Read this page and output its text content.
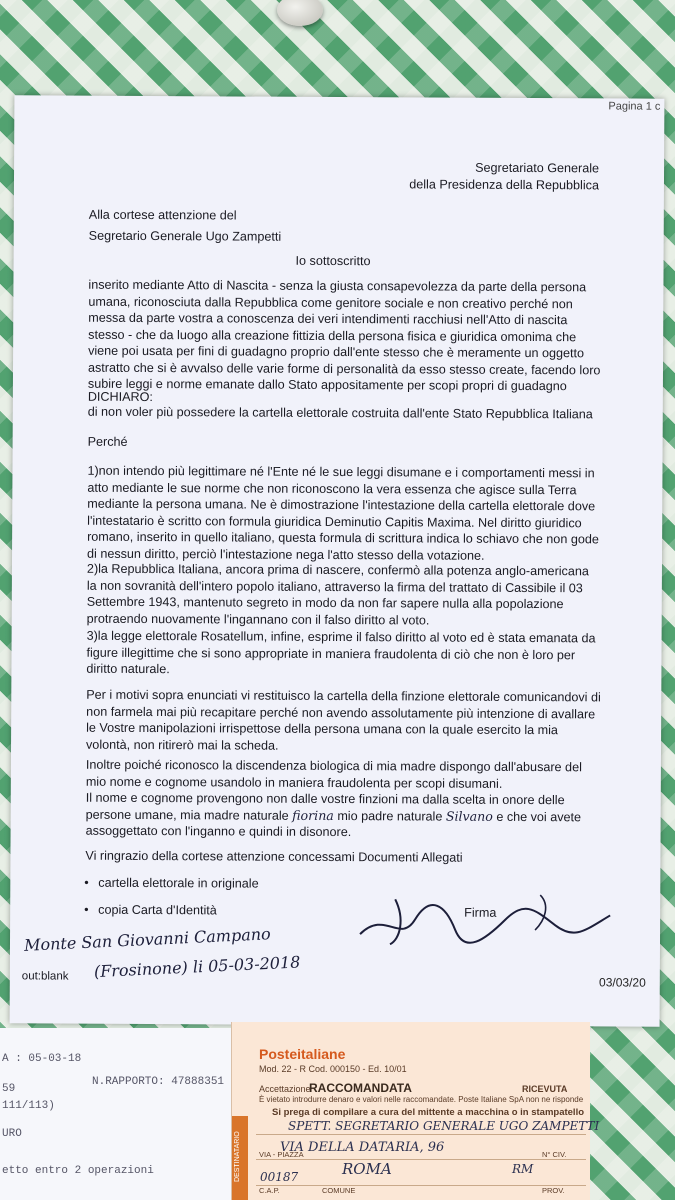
Pagina 1 c
Segretariato Generale
della Presidenza della Repubblica
Alla cortese attenzione del
Segretario Generale Ugo Zampetti
Io sottoscritto
inserito mediante Atto di Nascita - senza la giusta consapevolezza da parte della persona umana, riconosciuta dalla Repubblica come genitore sociale e non creativo perché non messa da parte vostra a conoscenza dei veri intendimenti racchiusi nell'Atto di nascita stesso - che da luogo alla creazione fittizia della persona fisica e giuridica omonima che viene poi usata per fini di guadagno proprio dall'ente stesso che è meramente un oggetto astratto che si è avvalso delle varie forme di personalità da esso stesso create, facendo loro subire leggi e norme emanate dallo Stato appositamente per scopi propri di guadagno
DICHIARO:
di non voler più possedere la cartella elettorale costruita dall'ente Stato Repubblica Italiana
Perché
1)non intendo più legittimare né l'Ente né le sue leggi disumane e i comportamenti messi in atto mediante le sue norme che non riconoscono la vera essenza che agisce sulla Terra mediante la persona umana. Ne è dimostrazione l'intestazione della cartella elettorale dove l'intestatario è scritto con formula giuridica Deminutio Capitis Maxima. Nel diritto giuridico romano, inserito in quello italiano, questa formula di scrittura indica lo schiavo che non gode di nessun diritto, perciò l'intestazione nega l'atto stesso della votazione.
2)la Repubblica Italiana, ancora prima di nascere, confermò alla potenza anglo-americana la non sovranità dell'intero popolo italiano, attraverso la firma del trattato di Cassibile il 03 Settembre 1943, mantenuto segreto in modo da non far sapere nulla alla popolazione protraendo nuovamente l'ingannano con il falso diritto al voto.
3)la legge elettorale Rosatellum, infine, esprime il falso diritto al voto ed è stata emanata da figure illegittime che si sono appropriate in maniera fraudolenta di ciò che non è loro per diritto naturale.
Per i motivi sopra enunciati vi restituisco la cartella della finzione elettorale comunicandovi di non farmela mai più recapitare perché non avendo assolutamente più intenzione di avallare le Vostre manipolazioni irrispettose della persona umana con la quale esercito la mia volontà, non ritirerò mai la scheda.
Inoltre poiché riconosco la discendenza biologica di mia madre dispongo dall'abusare del mio nome e cognome usandolo in maniera fraudolenta per scopi disumani.
Il nome e cognome provengono non dalle vostre finzioni ma dalla scelta in onore delle persone umane, mia madre naturale fiorina mio padre naturale Silvano e che voi avete assoggettato con l'inganno e quindi in disonore.
Vi ringrazio della cortese attenzione concessami Documenti Allegati
• cartella elettorale in originale
• copia Carta d'Identità	Firma
Monte San Giovanni Campano
(Frosinone) li 05-03-2018
out:blank	03/03/20
A : 05-03-18
59
N.RAPPORTO: 47888351
111/113)
URO
etto entro 2 operazioni
Posteitaliane
Mod. 22 - R Cod. 000150 - Ed. 10/01
Accettazione
RACCOMANDATA	RICEVUTA
È vietato introdurre denaro e valori nelle raccomandate. Poste Italiane SpA non ne risponde
Si prega di compilare a cura del mittente a macchina o in stampatello
DESTINATARIO
SPETT. SEGRETARIO GENERALE UGO ZAMPETTI
VIA - PIAZZA
VIA DELLA DATARIA, 96	N° CIV.
00187	ROMA	RM
C.A.P.	COMUNE	PROV.
